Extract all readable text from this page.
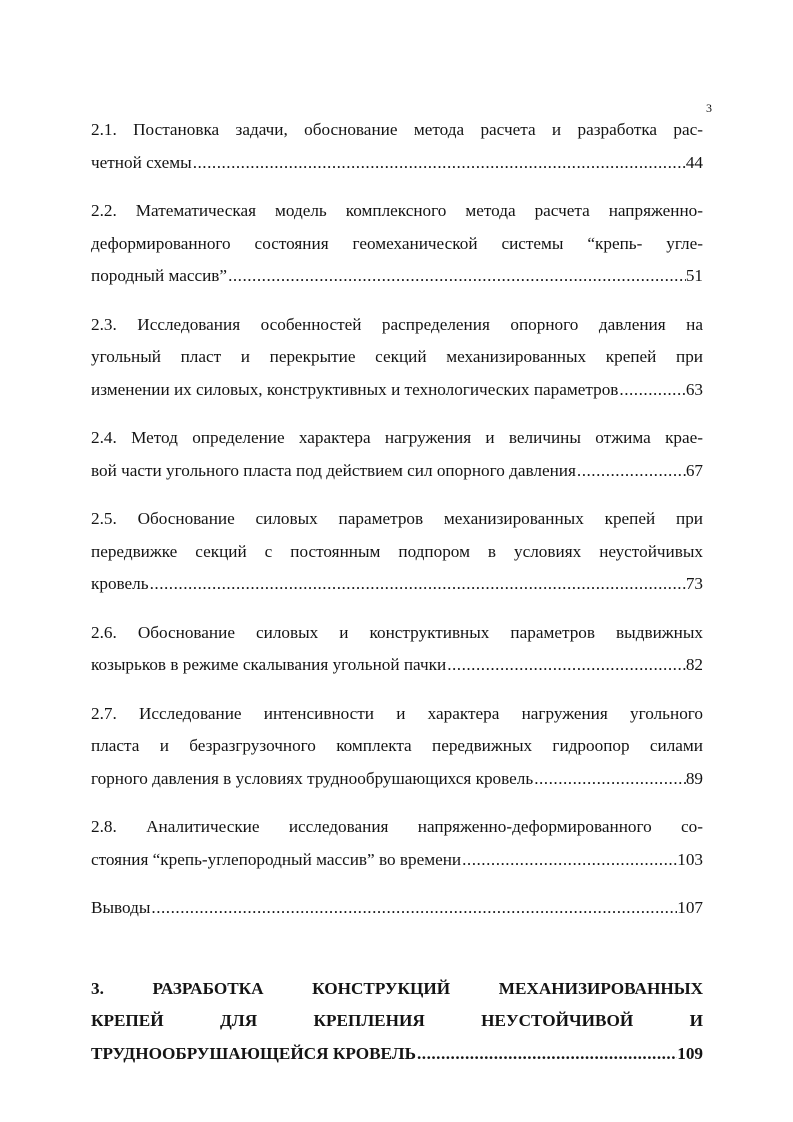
3
2.1. Постановка задачи, обоснование метода расчета и разработка рас-
четной схемы .....	44
2.2. Математическая модель комплексного метода расчета напряженно-
деформированного состояния геомеханической системы “крепь- угле-
породный массив” .....	51
2.3. Исследования особенностей распределения опорного давления на
угольный пласт и перекрытие секций механизированных крепей при
изменении их силовых, конструктивных и технологических параметров .....	63
2.4. Метод определение характера нагружения и величины отжима крае-
вой части угольного пласта под действием сил опорного давления .....	67
2.5. Обоснование силовых параметров механизированных крепей при
передвижке секций с постоянным подпором в условиях неустойчивых
кровель .....	73
2.6. Обоснование силовых и конструктивных параметров выдвижных
козырьков в режиме скалывания угольной пачки .....	82
2.7. Исследование интенсивности и характера нагружения угольного
пласта и безразгрузочного комплекта передвижных гидроопор силами
горного давления в условиях труднообрушающихся кровель .....	89
2.8. Аналитические исследования напряженно-деформированного со-
стояния “крепь-углепородный массив” во времени .....	103
Выводы .....	107
3. РАЗРАБОТКА КОНСТРУКЦИЙ МЕХАНИЗИРОВАННЫХ
КРЕПЕЙ ДЛЯ КРЕПЛЕНИЯ НЕУСТОЙЧИВОЙ И
ТРУДНООБРУШАЮЩЕЙСЯ КРОВЕЛЬ .....	109
